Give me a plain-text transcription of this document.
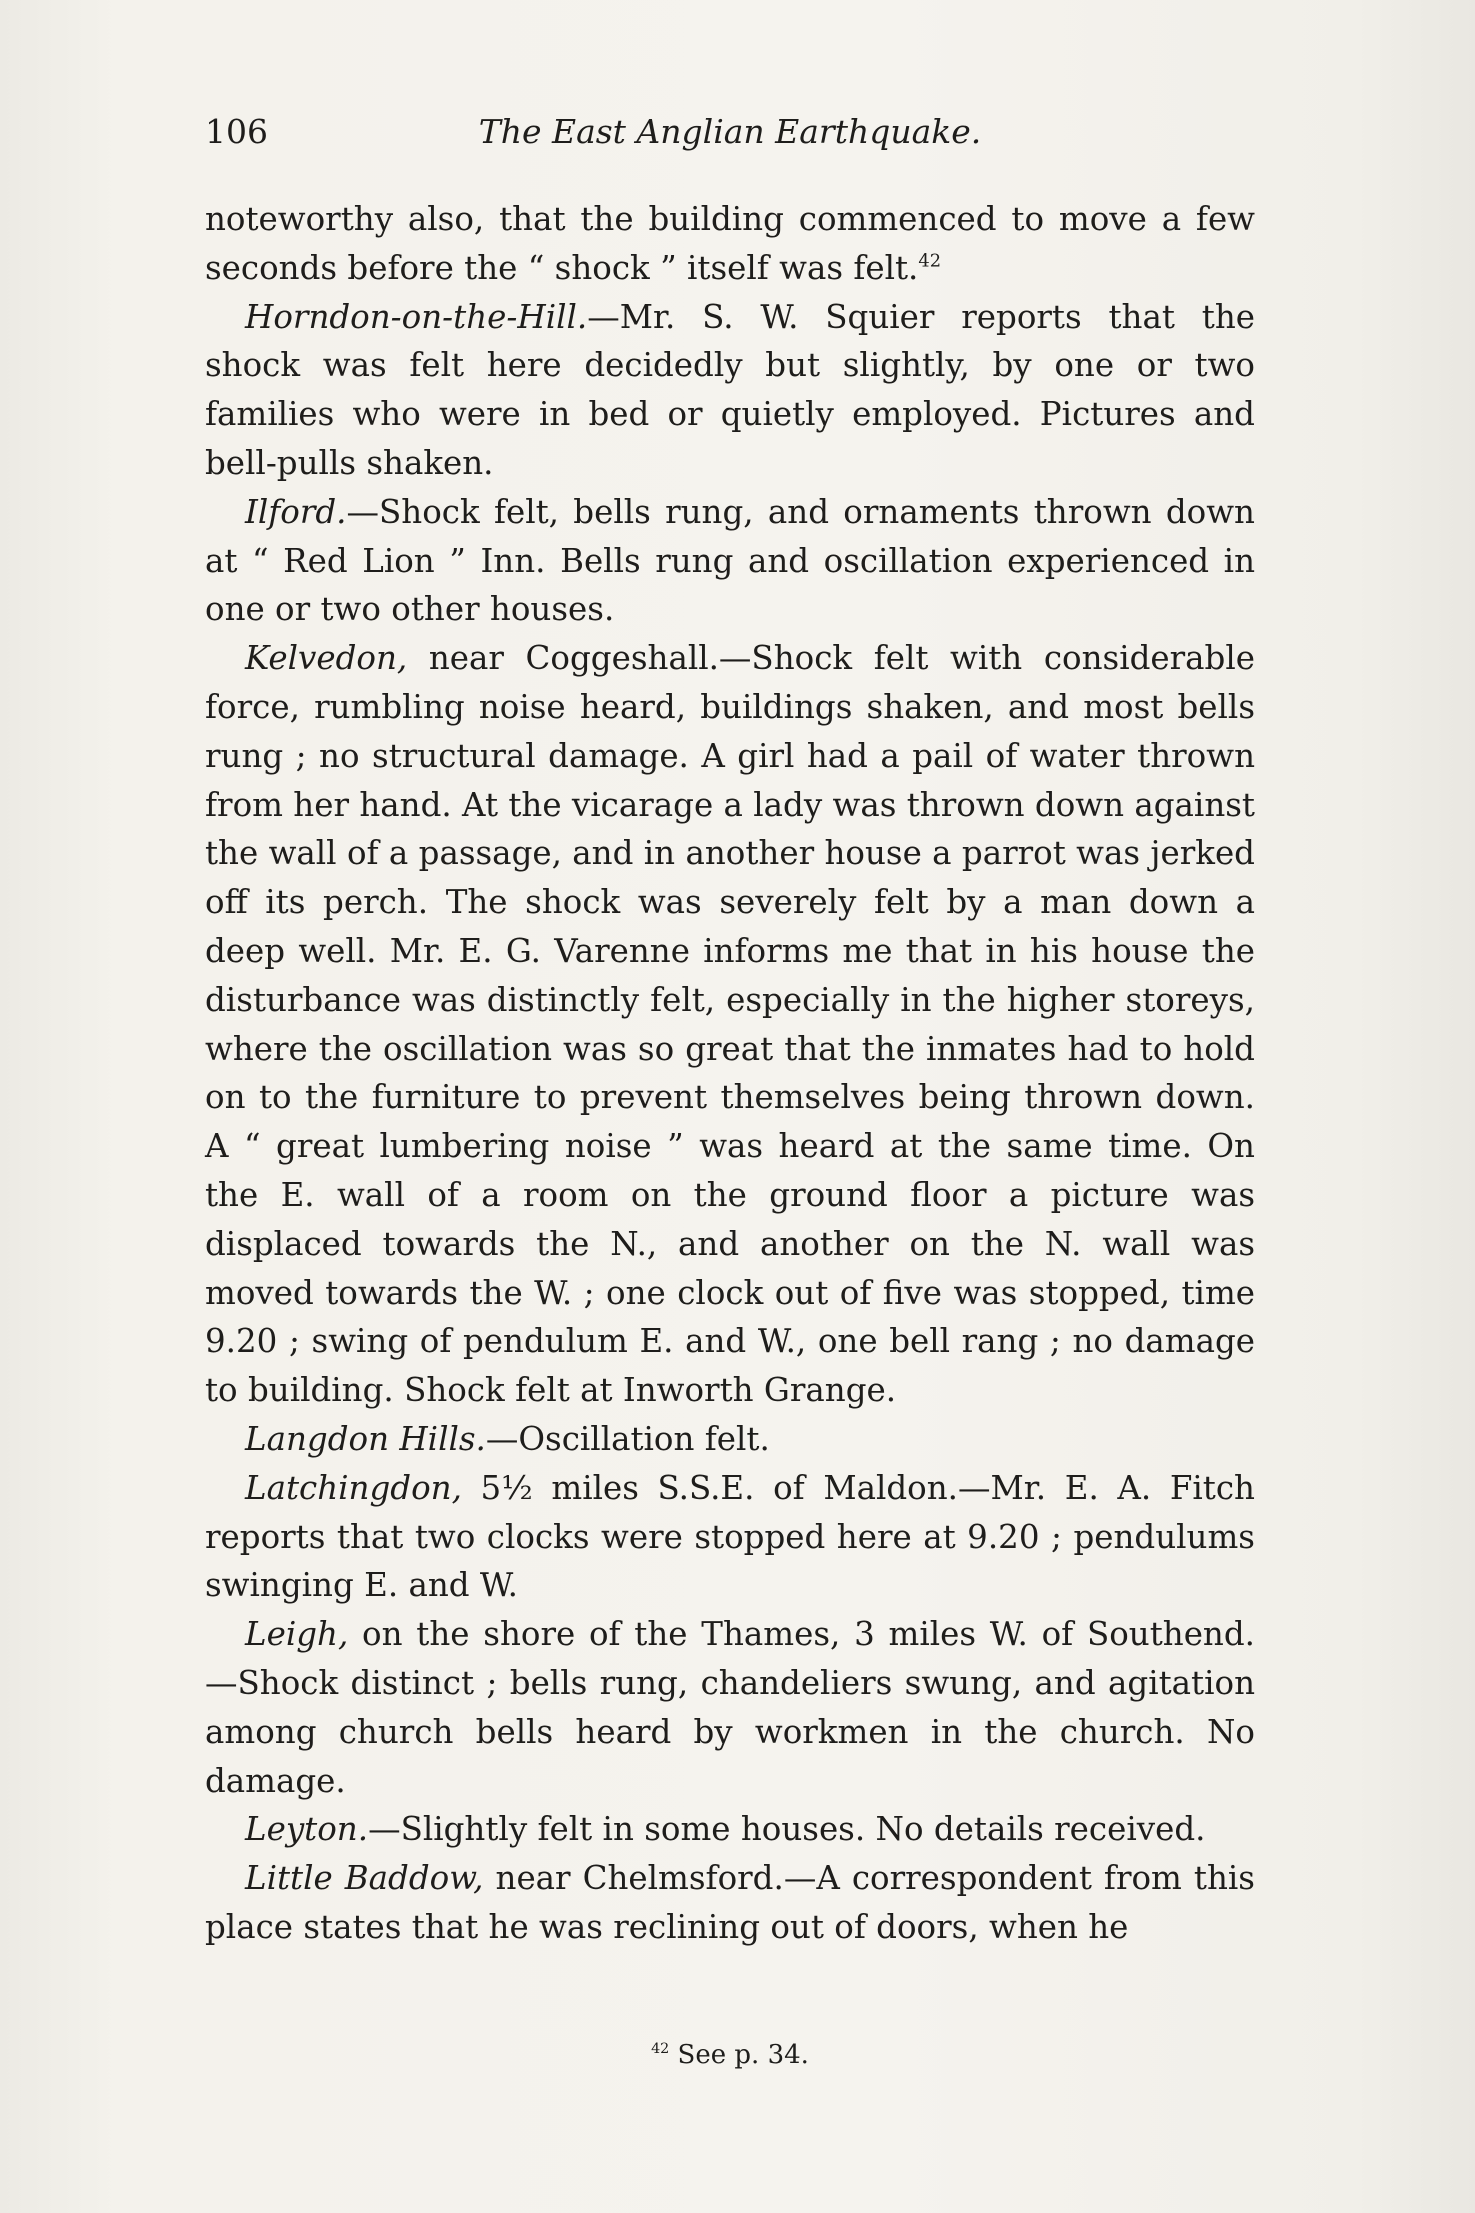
106	The East Anglian Earthquake.

noteworthy also, that the building commenced to move a few seconds before the “ shock ” itself was felt.$^{42}$

Horndon-on-the-Hill.—Mr. S. W. Squier reports that the shock was felt here decidedly but slightly, by one or two families who were in bed or quietly employed. Pictures and bell-pulls shaken.

Ilford.—Shock felt, bells rung, and ornaments thrown down at “ Red Lion ” Inn. Bells rung and oscillation experienced in one or two other houses.

Kelvedon, near Coggeshall.—Shock felt with considerable force, rumbling noise heard, buildings shaken, and most bells rung ; no structural damage. A girl had a pail of water thrown from her hand. At the vicarage a lady was thrown down against the wall of a passage, and in another house a parrot was jerked off its perch. The shock was severely felt by a man down a deep well. Mr. E. G. Varenne informs me that in his house the disturbance was distinctly felt, especially in the higher storeys, where the oscillation was so great that the inmates had to hold on to the furniture to prevent themselves being thrown down. A “ great lumbering noise ” was heard at the same time. On the E. wall of a room on the ground floor a picture was displaced towards the N., and another on the N. wall was moved towards the W. ; one clock out of five was stopped, time 9.20 ; swing of pendulum E. and W., one bell rang ; no damage to building. Shock felt at Inworth Grange.

Langdon Hills.—Oscillation felt.

Latchingdon, 5½ miles S.S.E. of Maldon.—Mr. E. A. Fitch reports that two clocks were stopped here at 9.20 ; pendulums swinging E. and W.

Leigh, on the shore of the Thames, 3 miles W. of Southend. —Shock distinct ; bells rung, chandeliers swung, and agitation among church bells heard by workmen in the church. No damage.

Leyton.—Slightly felt in some houses. No details received.

Little Baddow, near Chelmsford.—A correspondent from this place states that he was reclining out of doors, when he

$^{42}$ See p. 34.
